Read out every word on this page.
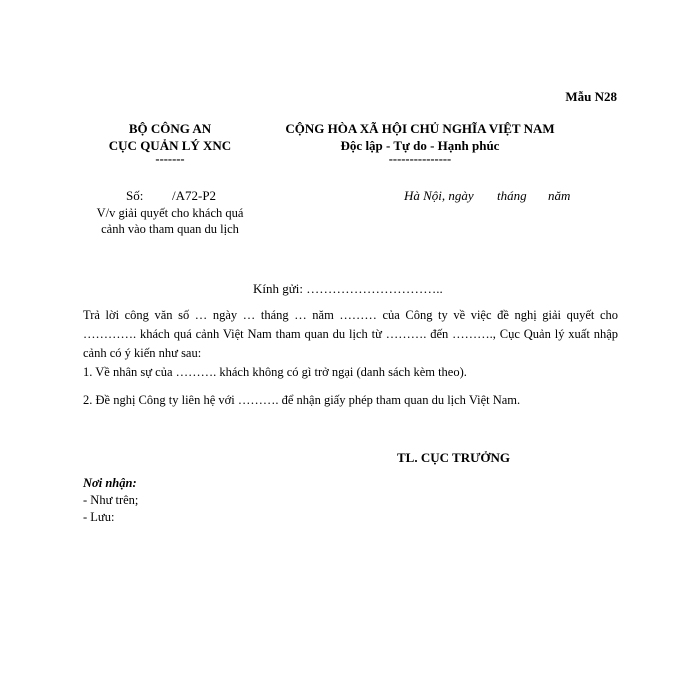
Mẫu N28
BỘ CÔNG AN
CỤC QUẢN LÝ XNC
-------
CỘNG HÒA XÃ HỘI CHỦ NGHĨA VIỆT NAM
Độc lập - Tự do - Hạnh phúc
---------------
Số: /A72-P2
V/v giải quyết cho khách quá
cảnh vào tham quan du lịch
Hà Nội, ngày tháng năm
Kính gửi: …………………………..
Trả lời công văn số … ngày … tháng … năm ……… của Công ty về việc đề nghị giải quyết cho …………. khách quá cảnh Việt Nam tham quan du lịch từ ………. đến ………., Cục Quản lý xuất nhập cảnh có ý kiến như sau:
1. Về nhân sự của ………. khách không có gì trở ngại (danh sách kèm theo).
2. Đề nghị Công ty liên hệ với ………. để nhận giấy phép tham quan du lịch Việt Nam.
TL. CỤC TRƯỞNG
Nơi nhận:
- Như trên;
- Lưu:
